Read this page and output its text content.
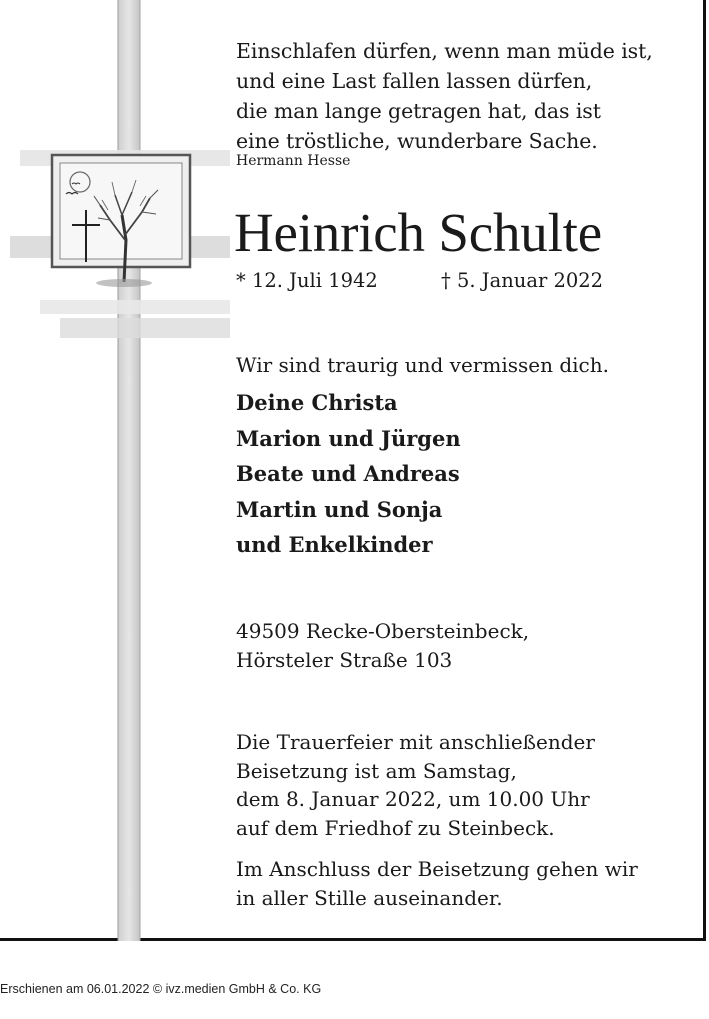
Einschlafen dürfen, wenn man müde ist,
und eine Last fallen lassen dürfen,
die man lange getragen hat, das ist
eine tröstliche, wunderbare Sache.
Hermann Hesse
Heinrich Schulte
* 12. Juli 1942	† 5. Januar 2022
Wir sind traurig und vermissen dich.
Deine Christa
Marion und Jürgen
Beate und Andreas
Martin und Sonja
und Enkelkinder
49509 Recke-Obersteinbeck,
Hörsteler Straße 103
Die Trauerfeier mit anschließender
Beisetzung ist am Samstag,
dem 8. Januar 2022, um 10.00 Uhr
auf dem Friedhof zu Steinbeck.
Im Anschluss der Beisetzung gehen wir
in aller Stille auseinander.
Erschienen am 06.01.2022 © ivz.medien GmbH & Co. KG
